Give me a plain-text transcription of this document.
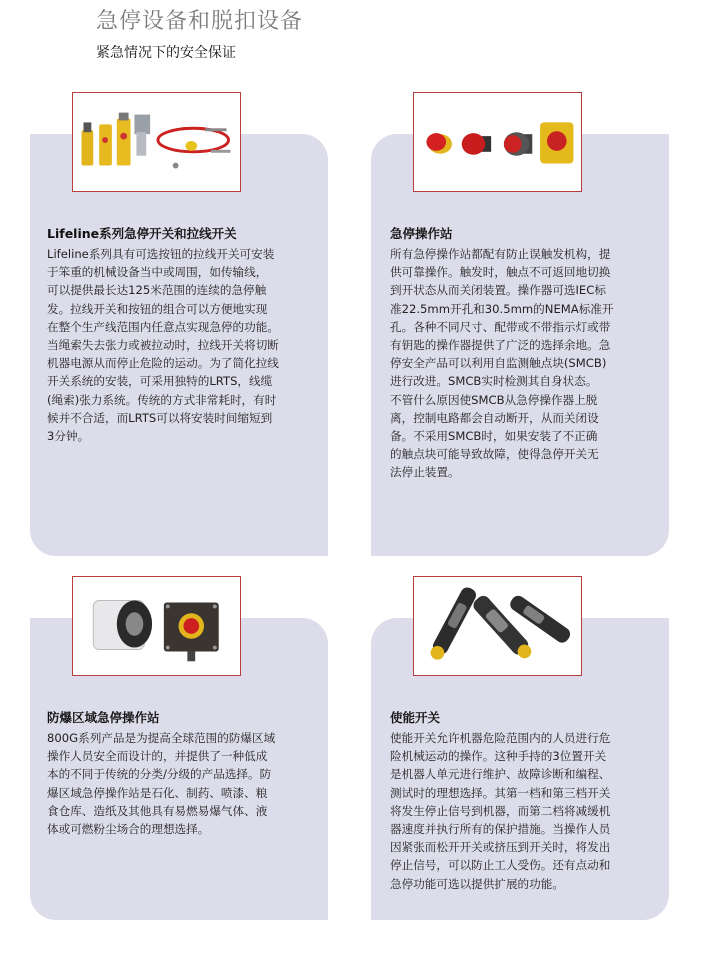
急停设备和脱扣设备
紧急情况下的安全保证

Lifeline系列急停开关和拉线开关

Lifeline系列具有可选按钮的拉线开关可安装
于笨重的机械设备当中或周围，如传输线，
可以提供最长达125米范围的连续的急停触
发。拉线开关和按钮的组合可以方便地实现
在整个生产线范围内任意点实现急停的功能。
当绳索失去张力或被拉动时，拉线开关将切断
机器电源从而停止危险的运动。为了简化拉线
开关系统的安装，可采用独特的LRTS，线缆
(绳索)张力系统。传统的方式非常耗时，有时
候并不合适，而LRTS可以将安装时间缩短到
3分钟。

急停操作站

所有急停操作站都配有防止误触发机构，提
供可靠操作。触发时，触点不可返回地切换
到开状态从而关闭装置。操作器可选IEC标
准22.5mm开孔和30.5mm的NEMA标准开
孔。各种不同尺寸、配带或不带指示灯或带
有钥匙的操作器提供了广泛的选择余地。急
停安全产品可以利用自监测触点块(SMCB)
进行改进。SMCB实时检测其自身状态。
不管什么原因使SMCB从急停操作器上脱
离，控制电路都会自动断开，从而关闭设
备。不采用SMCB时，如果安装了不正确
的触点块可能导致故障，使得急停开关无
法停止装置。

防爆区域急停操作站

800G系列产品是为提高全球范围的防爆区域
操作人员安全而设计的，并提供了一种低成
本的不同于传统的分类/分级的产品选择。防
爆区域急停操作站是石化、制药、喷漆、粮
食仓库、造纸及其他具有易燃易爆气体、液
体或可燃粉尘场合的理想选择。

使能开关

使能开关允许机器危险范围内的人员进行危
险机械运动的操作。这种手持的3位置开关
是机器人单元进行维护、故障诊断和编程、
测试时的理想选择。其第一档和第三档开关
将发生停止信号到机器，而第二档将减缓机
器速度并执行所有的保护措施。当操作人员
因紧张而松开开关或挤压到开关时，将发出
停止信号，可以防止工人受伤。还有点动和
急停功能可选以提供扩展的功能。
